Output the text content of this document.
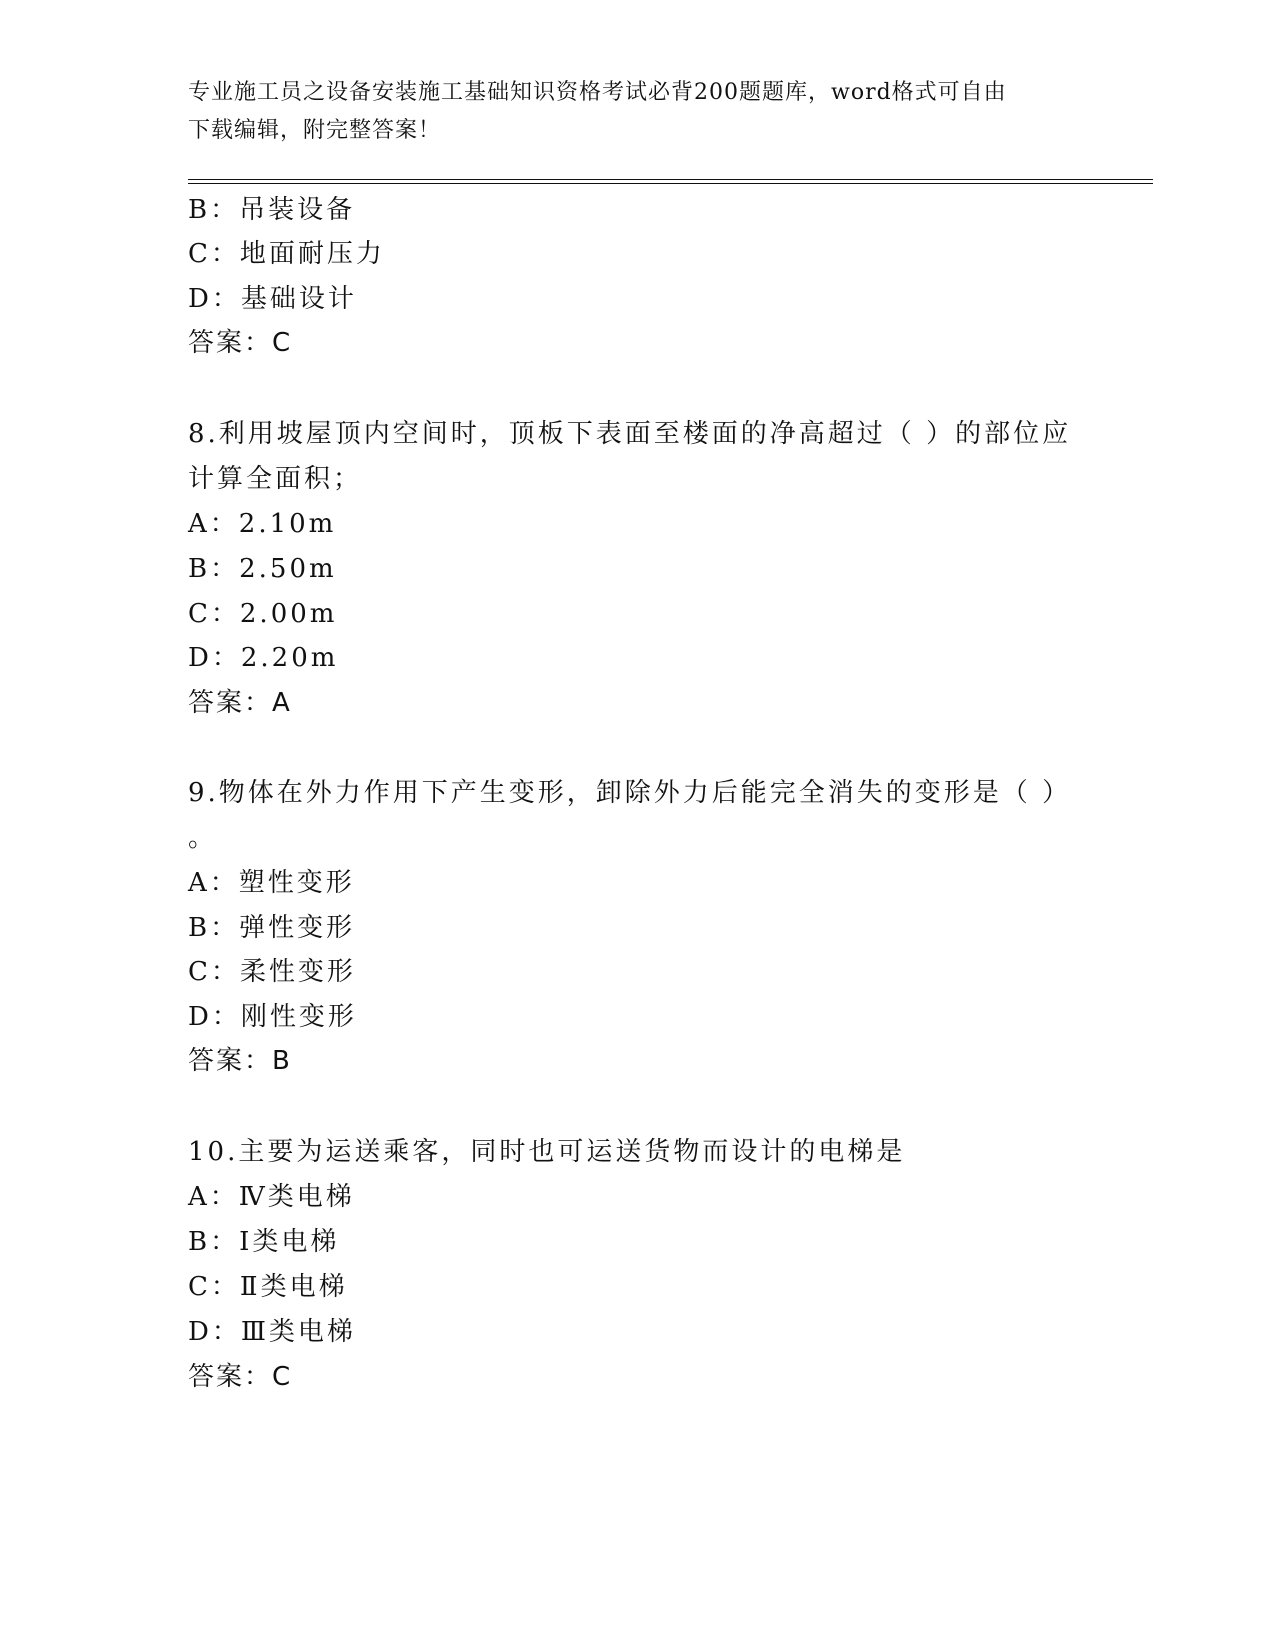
专业施工员之设备安装施工基础知识资格考试必背200题题库，word格式可自由
下载编辑，附完整答案！
B：吊装设备
C：地面耐压力
D：基础设计
答案：C
8.利用坡屋顶内空间时，顶板下表面至楼面的净高超过（ ）的部位应
计算全面积；
A：2.10m
B：2.50m
C：2.00m
D：2.20m
答案：A
9.物体在外力作用下产生变形，卸除外力后能完全消失的变形是（ ）
。
A：塑性变形
B：弹性变形
C：柔性变形
D：刚性变形
答案：B
10.主要为运送乘客，同时也可运送货物而设计的电梯是
A：Ⅳ类电梯
B：Ⅰ类电梯
C：Ⅱ类电梯
D：Ⅲ类电梯
答案：C
